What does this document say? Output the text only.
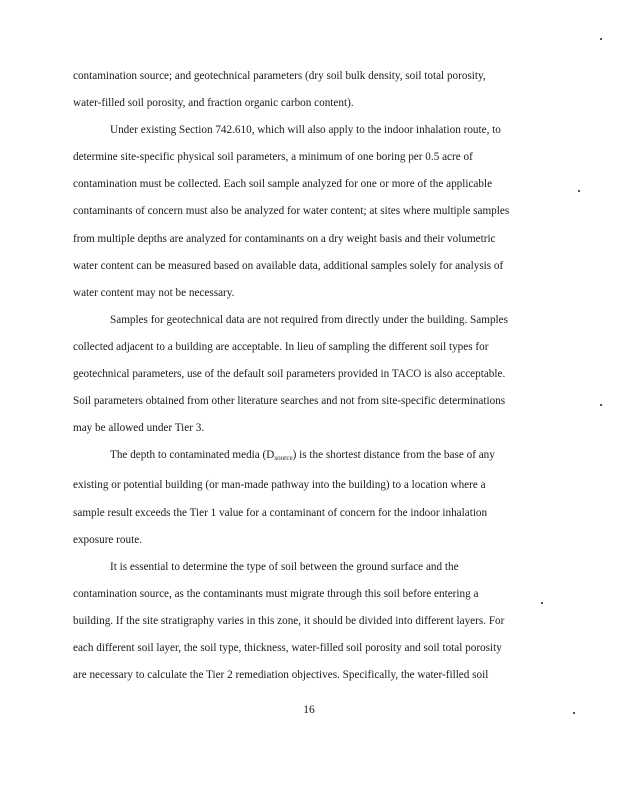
contamination source; and geotechnical parameters (dry soil bulk density, soil total porosity,
water-filled soil porosity, and fraction organic carbon content).

Under existing Section 742.610, which will also apply to the indoor inhalation route, to
determine site-specific physical soil parameters, a minimum of one boring per 0.5 acre of
contamination must be collected. Each soil sample analyzed for one or more of the applicable
contaminants of concern must also be analyzed for water content; at sites where multiple samples
from multiple depths are analyzed for contaminants on a dry weight basis and their volumetric
water content can be measured based on available data, additional samples solely for analysis of
water content may not be necessary.

Samples for geotechnical data are not required from directly under the building. Samples
collected adjacent to a building are acceptable. In lieu of sampling the different soil types for
geotechnical parameters, use of the default soil parameters provided in TACO is also acceptable.
Soil parameters obtained from other literature searches and not from site-specific determinations
may be allowed under Tier 3.

The depth to contaminated media $(D_{source})$ is the shortest distance from the base of any
existing or potential building (or man-made pathway into the building) to a location where a
sample result exceeds the Tier 1 value for a contaminant of concern for the indoor inhalation
exposure route.

It is essential to determine the type of soil between the ground surface and the
contamination source, as the contaminants must migrate through this soil before entering a
building. If the site stratigraphy varies in this zone, it should be divided into different layers. For
each different soil layer, the soil type, thickness, water-filled soil porosity and soil total porosity
are necessary to calculate the Tier 2 remediation objectives. Specifically, the water-filled soil

16
